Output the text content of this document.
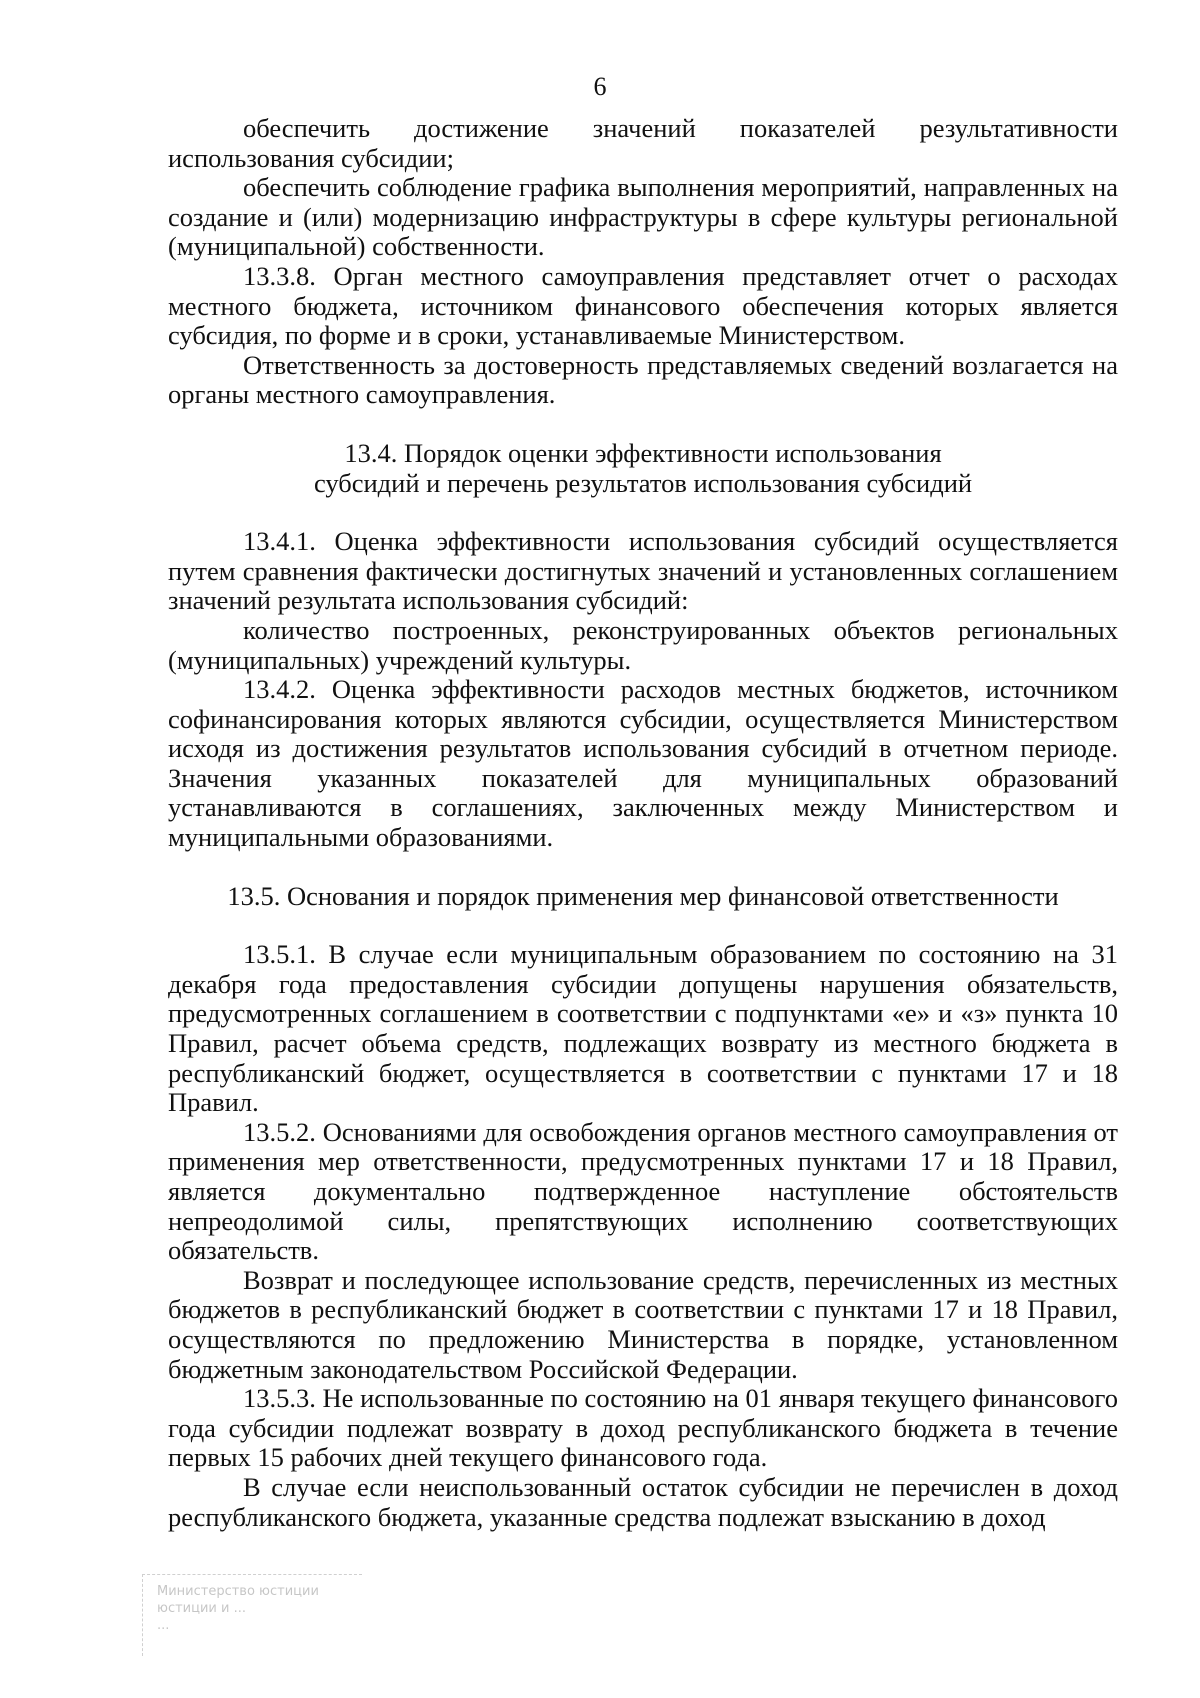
6

обеспечить достижение значений показателей результативности использования субсидии;

обеспечить соблюдение графика выполнения мероприятий, направленных на создание и (или) модернизацию инфраструктуры в сфере культуры региональной (муниципальной) собственности.

13.3.8. Орган местного самоуправления представляет отчет о расходах местного бюджета, источником финансового обеспечения которых является субсидия, по форме и в сроки, устанавливаемые Министерством.

Ответственность за достоверность представляемых сведений возлагается на органы местного самоуправления.

13.4. Порядок оценки эффективности использования
субсидий и перечень результатов использования субсидий

13.4.1. Оценка эффективности использования субсидий осуществляется путем сравнения фактически достигнутых значений и установленных соглашением значений результата использования субсидий:

количество построенных, реконструированных объектов региональных (муниципальных) учреждений культуры.

13.4.2. Оценка эффективности расходов местных бюджетов, источником софинансирования которых являются субсидии, осуществляется Министерством исходя из достижения результатов использования субсидий в отчетном периоде. Значения указанных показателей для муниципальных образований устанавливаются в соглашениях, заключенных между Министерством и муниципальными образованиями.

13.5. Основания и порядок применения мер финансовой ответственности

13.5.1. В случае если муниципальным образованием по состоянию на 31 декабря года предоставления субсидии допущены нарушения обязательств, предусмотренных соглашением в соответствии с подпунктами «е» и «з» пункта 10 Правил, расчет объема средств, подлежащих возврату из местного бюджета в республиканский бюджет, осуществляется в соответствии с пунктами 17 и 18 Правил.

13.5.2. Основаниями для освобождения органов местного самоуправления от применения мер ответственности, предусмотренных пунктами 17 и 18 Правил, является документально подтвержденное наступление обстоятельств непреодолимой силы, препятствующих исполнению соответствующих обязательств.

Возврат и последующее использование средств, перечисленных из местных бюджетов в республиканский бюджет в соответствии с пунктами 17 и 18 Правил, осуществляются по предложению Министерства в порядке, установленном бюджетным законодательством Российской Федерации.

13.5.3. Не использованные по состоянию на 01 января текущего финансового года субсидии подлежат возврату в доход республиканского бюджета в течение первых 15 рабочих дней текущего финансового года.

В случае если неиспользованный остаток субсидии не перечислен в доход республиканского бюджета, указанные средства подлежат взысканию в доход

Министерство юстиции
юстиции и ...
...
